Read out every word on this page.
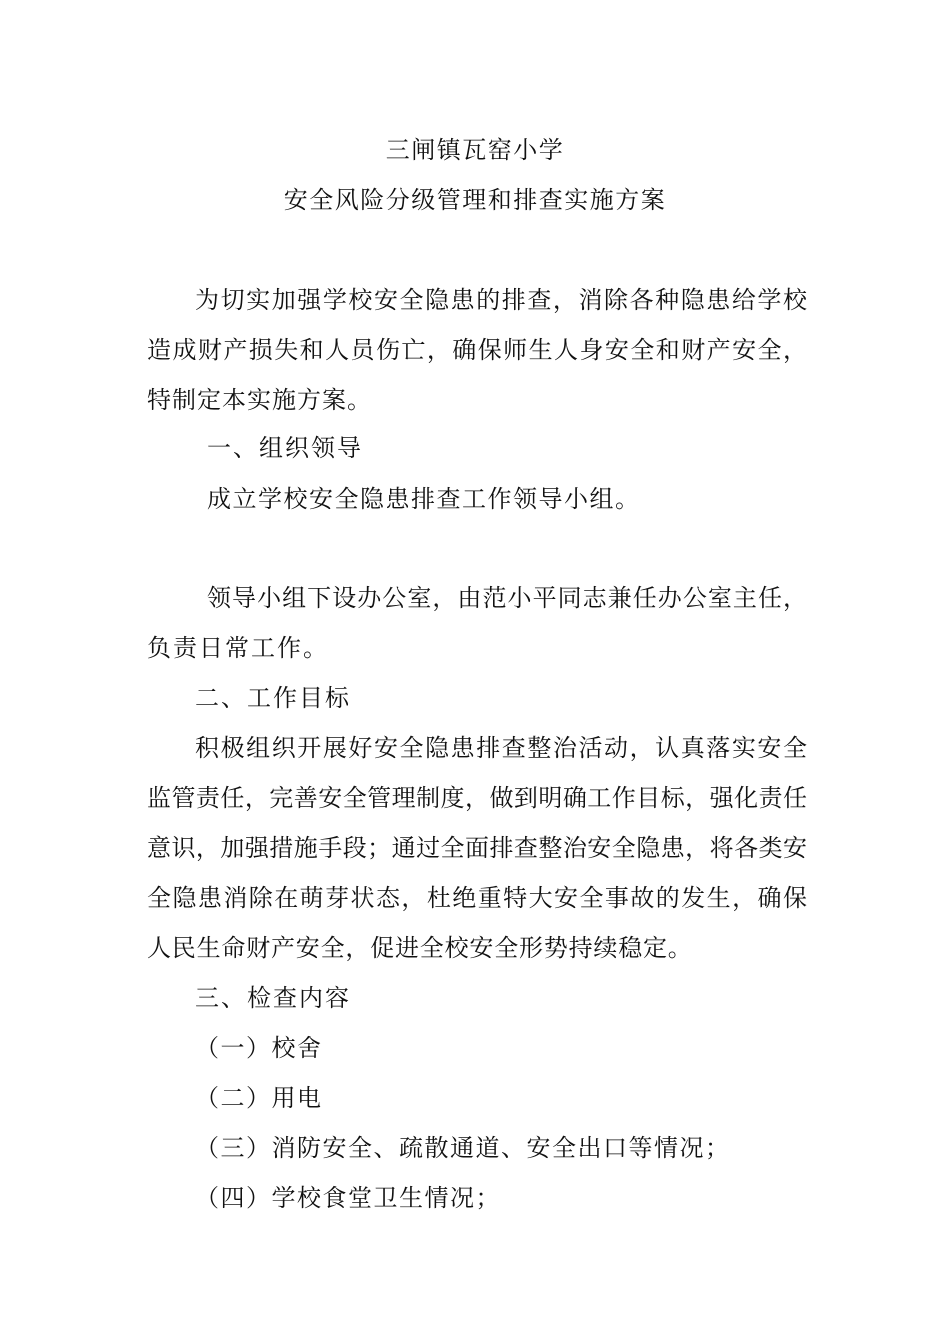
三闸镇瓦窑小学
安全风险分级管理和排查实施方案
为切实加强学校安全隐患的排查，消除各种隐患给学校
造成财产损失和人员伤亡，确保师生人身安全和财产安全，
特制定本实施方案。
一、组织领导
成立学校安全隐患排查工作领导小组。
领导小组下设办公室，由范小平同志兼任办公室主任，
负责日常工作。
二、工作目标
积极组织开展好安全隐患排查整治活动，认真落实安全
监管责任，完善安全管理制度，做到明确工作目标，强化责任
意识，加强措施手段；通过全面排查整治安全隐患，将各类安
全隐患消除在萌芽状态，杜绝重特大安全事故的发生，确保
人民生命财产安全，促进全校安全形势持续稳定。
三、检查内容
（一）校舍
（二）用电
（三）消防安全、疏散通道、安全出口等情况；
（四）学校食堂卫生情况；
